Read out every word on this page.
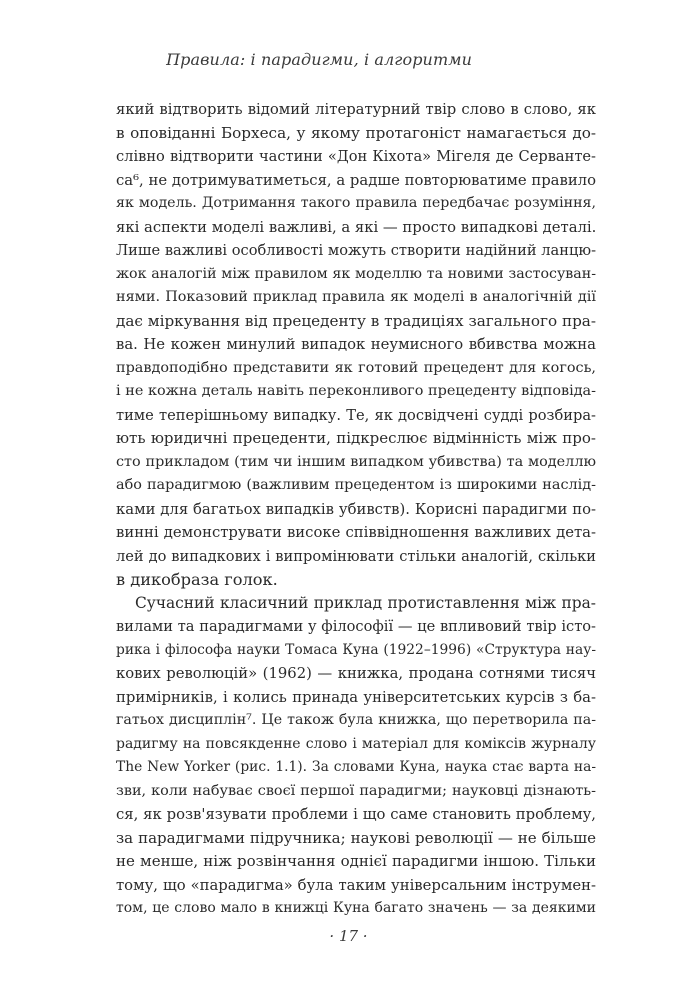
Правила: і парадигми, і алгоритми
який відтворить відомий літературний твір слово в слово, як
в оповіданні Борхеса, у якому протагоніст намагається до-
слівно відтворити частини «Дон Кіхота» Мігеля де Серванте-
са⁶, не дотримуватиметься, а радше повторюватиме правило
як модель. Дотримання такого правила передбачає розуміння,
які аспекти моделі важливі, а які — просто випадкові деталі.
Лише важливі особливості можуть створити надійний ланцю-
жок аналогій між правилом як моделлю та новими застосуван-
нями. Показовий приклад правила як моделі в аналогічній дії
дає міркування від прецеденту в традиціях загального пра-
ва. Не кожен минулий випадок неумисного вбивства можна
правдоподібно представити як готовий прецедент для когось,
і не кожна деталь навіть переконливого прецеденту відповіда-
тиме теперішньому випадку. Те, як досвідчені судді розбира-
ють юридичні прецеденти, підкреслює відмінність між про-
сто прикладом (тим чи іншим випадком убивства) та моделлю
або парадигмою (важливим прецедентом із широкими наслід-
ками для багатьох випадків убивств). Корисні парадигми по-
винні демонструвати високе співвідношення важливих дета-
лей до випадкових і випромінювати стільки аналогій, скільки
в дикобраза голок.
Сучасний класичний приклад протиставлення між пра-
вилами та парадигмами у філософії — це впливовий твір істо-
рика і філософа науки Томаса Куна (1922–1996) «Структура нау-
кових революцій» (1962) — книжка, продана сотнями тисяч
примірників, і колись принада університетських курсів з ба-
гатьох дисциплін⁷. Це також була книжка, що перетворила па-
радигму на повсякденне слово і матеріал для коміксів журналу
The New Yorker (рис. 1.1). За словами Куна, наука стає варта на-
зви, коли набуває своєї першої парадигми; науковці дізнають-
ся, як розв'язувати проблеми і що саме становить проблему,
за парадигмами підручника; наукові революції — не більше
не менше, ніж розвінчання однієї парадигми іншою. Тільки
тому, що «парадигма» була таким універсальним інструмен-
том, це слово мало в книжці Куна багато значень — за деякими
· 17 ·
